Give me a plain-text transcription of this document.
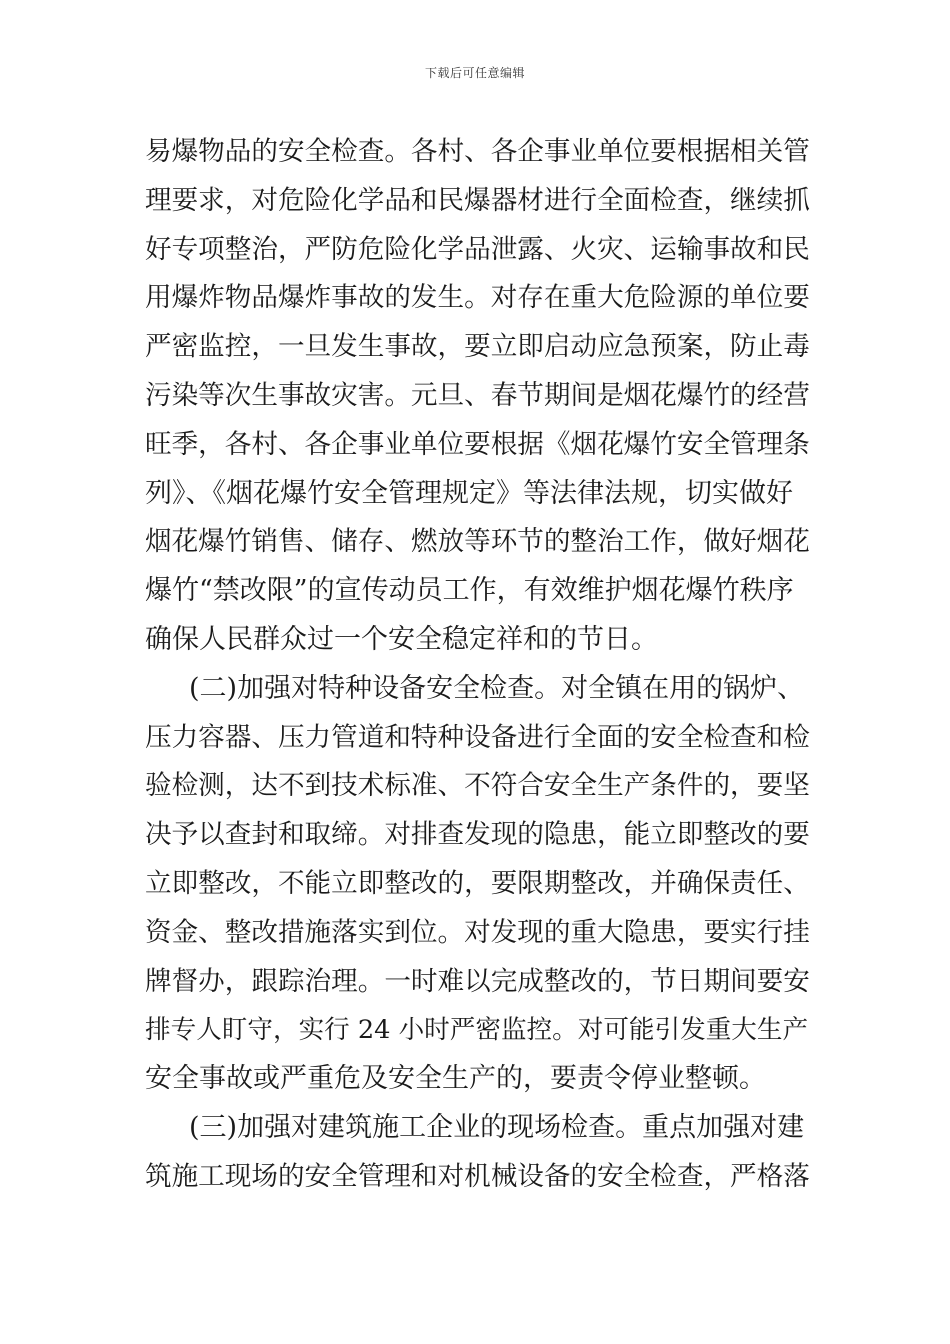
下载后可任意编辑
易爆物品的安全检查。各村、各企事业单位要根据相关管
理要求，对危险化学品和民爆器材进行全面检查，继续抓
好专项整治，严防危险化学品泄露、火灾、运输事故和民
用爆炸物品爆炸事故的发生。对存在重大危险源的单位要
严密监控，一旦发生事故，要立即启动应急预案，防止毒
污染等次生事故灾害。元旦、春节期间是烟花爆竹的经营
旺季，各村、各企事业单位要根据《烟花爆竹安全管理条
列》、《烟花爆竹安全管理规定》等法律法规，切实做好
烟花爆竹销售、储存、燃放等环节的整治工作，做好烟花
爆竹“禁改限”的宣传动员工作，有效维护烟花爆竹秩序
确保人民群众过一个安全稳定祥和的节日。
(二)加强对特种设备安全检查。对全镇在用的锅炉、
压力容器、压力管道和特种设备进行全面的安全检查和检
验检测，达不到技术标准、不符合安全生产条件的，要坚
决予以查封和取缔。对排查发现的隐患，能立即整改的要
立即整改，不能立即整改的，要限期整改，并确保责任、
资金、整改措施落实到位。对发现的重大隐患，要实行挂
牌督办，跟踪治理。一时难以完成整改的，节日期间要安
排专人盯守，实行 24 小时严密监控。对可能引发重大生产
安全事故或严重危及安全生产的，要责令停业整顿。
(三)加强对建筑施工企业的现场检查。重点加强对建
筑施工现场的安全管理和对机械设备的安全检查，严格落
